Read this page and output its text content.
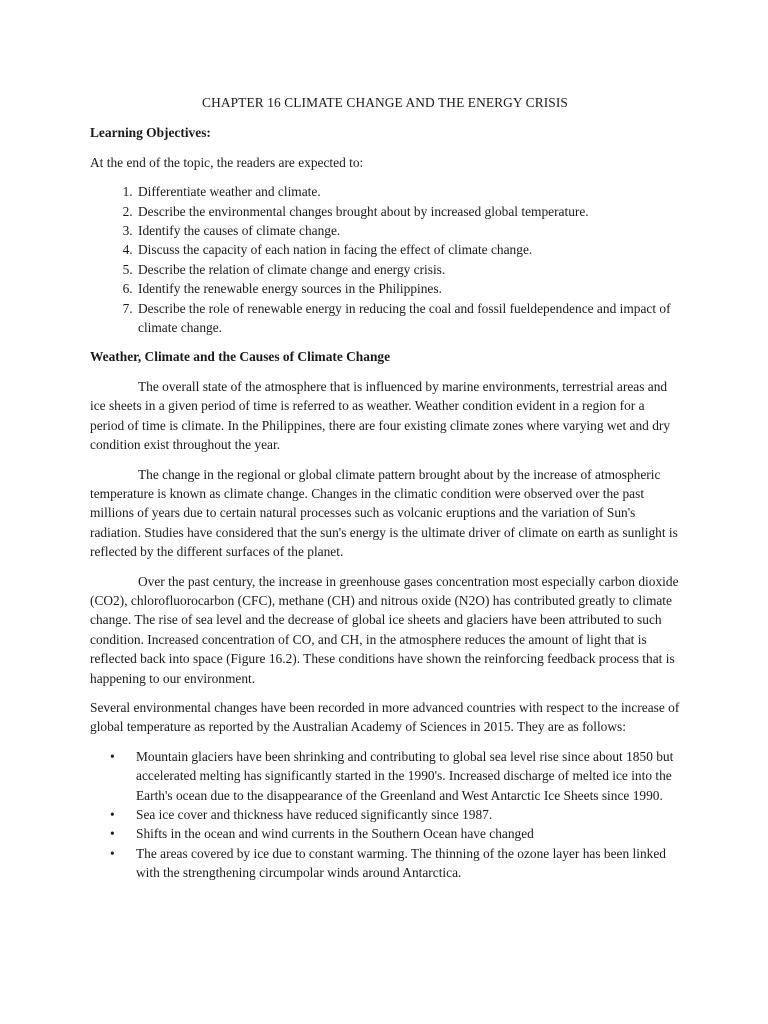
CHAPTER 16 CLIMATE CHANGE AND THE ENERGY CRISIS
Learning Objectives:
At the end of the topic, the readers are expected to:
1. Differentiate weather and climate.
2. Describe the environmental changes brought about by increased global temperature.
3. Identify the causes of climate change.
4. Discuss the capacity of each nation in facing the effect of climate change.
5. Describe the relation of climate change and energy crisis.
6. Identify the renewable energy sources in the Philippines.
7. Describe the role of renewable energy in reducing the coal and fossil fueldependence and impact of climate change.
Weather, Climate and the Causes of Climate Change
The overall state of the atmosphere that is influenced by marine environments, terrestrial areas and ice sheets in a given period of time is referred to as weather. Weather condition evident in a region for a period of time is climate. In the Philippines, there are four existing climate zones where varying wet and dry condition exist throughout the year.
The change in the regional or global climate pattern brought about by the increase of atmospheric temperature is known as climate change. Changes in the climatic condition were observed over the past millions of years due to certain natural processes such as volcanic eruptions and the variation of Sun's radiation. Studies have considered that the sun's energy is the ultimate driver of climate on earth as sunlight is reflected by the different surfaces of the planet.
Over the past century, the increase in greenhouse gases concentration most especially carbon dioxide (CO2), chlorofluorocarbon (CFC), methane (CH) and nitrous oxide (N2O) has contributed greatly to climate change. The rise of sea level and the decrease of global ice sheets and glaciers have been attributed to such condition. Increased concentration of CO, and CH, in the atmosphere reduces the amount of light that is reflected back into space (Figure 16.2). These conditions have shown the reinforcing feedback process that is happening to our environment.
Several environmental changes have been recorded in more advanced countries with respect to the increase of global temperature as reported by the Australian Academy of Sciences in 2015. They are as follows:
• Mountain glaciers have been shrinking and contributing to global sea level rise since about 1850 but accelerated melting has significantly started in the 1990's. Increased discharge of melted ice into the Earth's ocean due to the disappearance of the Greenland and West Antarctic Ice Sheets since 1990.
• Sea ice cover and thickness have reduced significantly since 1987.
• Shifts in the ocean and wind currents in the Southern Ocean have changed
• The areas covered by ice due to constant warming. The thinning of the ozone layer has been linked with the strengthening circumpolar winds around Antarctica.
